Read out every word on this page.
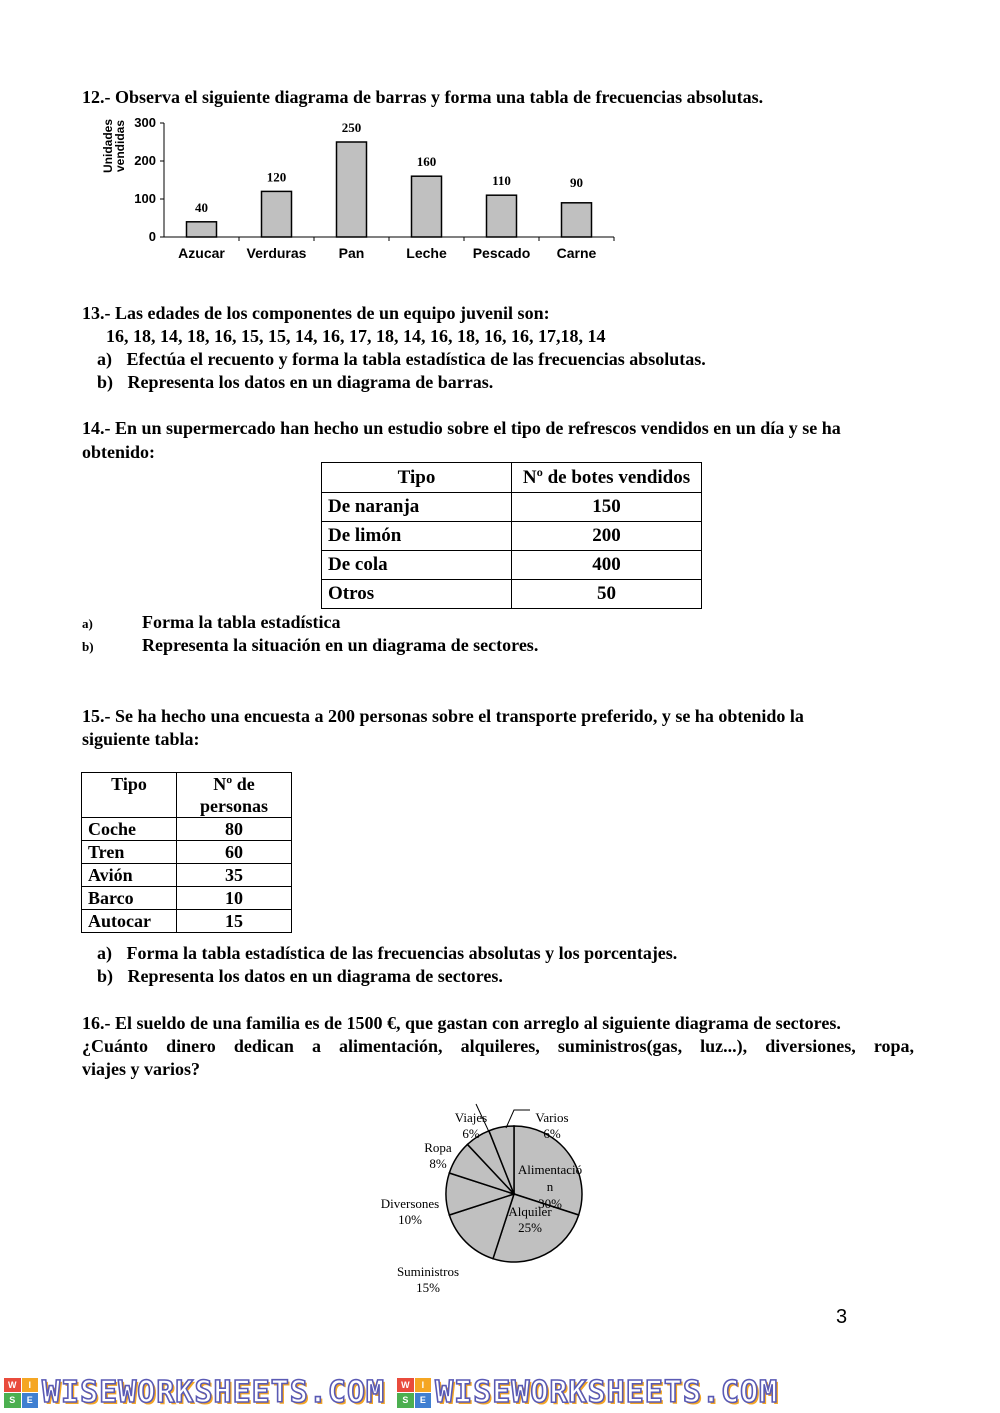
12.- Observa el siguiente diagrama de barras y forma una tabla de frecuencias absolutas.

Unidadesvendidas
0
100
200
300
Azucar
40
Verduras
120
Pan
250
Leche
160
Pescado
110
Carne
90

13.- Las edades de los componentes de un equipo juvenil son:

16, 18, 14, 18, 16, 15, 15, 14, 16, 17, 18, 14, 16, 18, 16, 16, 17,18, 14

a) Efectúa el recuento y forma la tabla estadística de las frecuencias absolutas.
b) Representa los datos en un diagrama de barras.

14.- En un supermercado han hecho un estudio sobre el tipo de refrescos vendidos en un día y se ha

obtenido:

Tipo	Nº de botes vendidos
De naranja	150
De limón	200
De cola	400
Otros	50
a)	Forma la tabla estadística
b)	Representa la situación en un diagrama de sectores.

15.- Se ha hecho una encuesta a 200 personas sobre el transporte preferido, y se ha obtenido la

siguiente tabla:

Tipo	Nº de
personas

Coche	80
Tren	60
Avión	35
Barco	10
Autocar	15
a) Forma la tabla estadística de las frecuencias absolutas y los porcentajes.
b) Representa los datos en un diagrama de sectores.

16.- El sueldo de una familia es de 1500 €, que gastan con arreglo al siguiente diagrama de sectores.

¿Cuánto dinero dedican a alimentación, alquileres, suministros(gas, luz...), diversiones, ropa,

viajes y varios?

Alimentació n 30%
Alquiler 25%
Suministros 15%
Diversones 10%
Ropa 8%
Viajes 6%
Varios 6%
3
W	I
S	E WISEWORKSHEETS.COM	W	I
S	E WISEWORKSHEETS.COM
